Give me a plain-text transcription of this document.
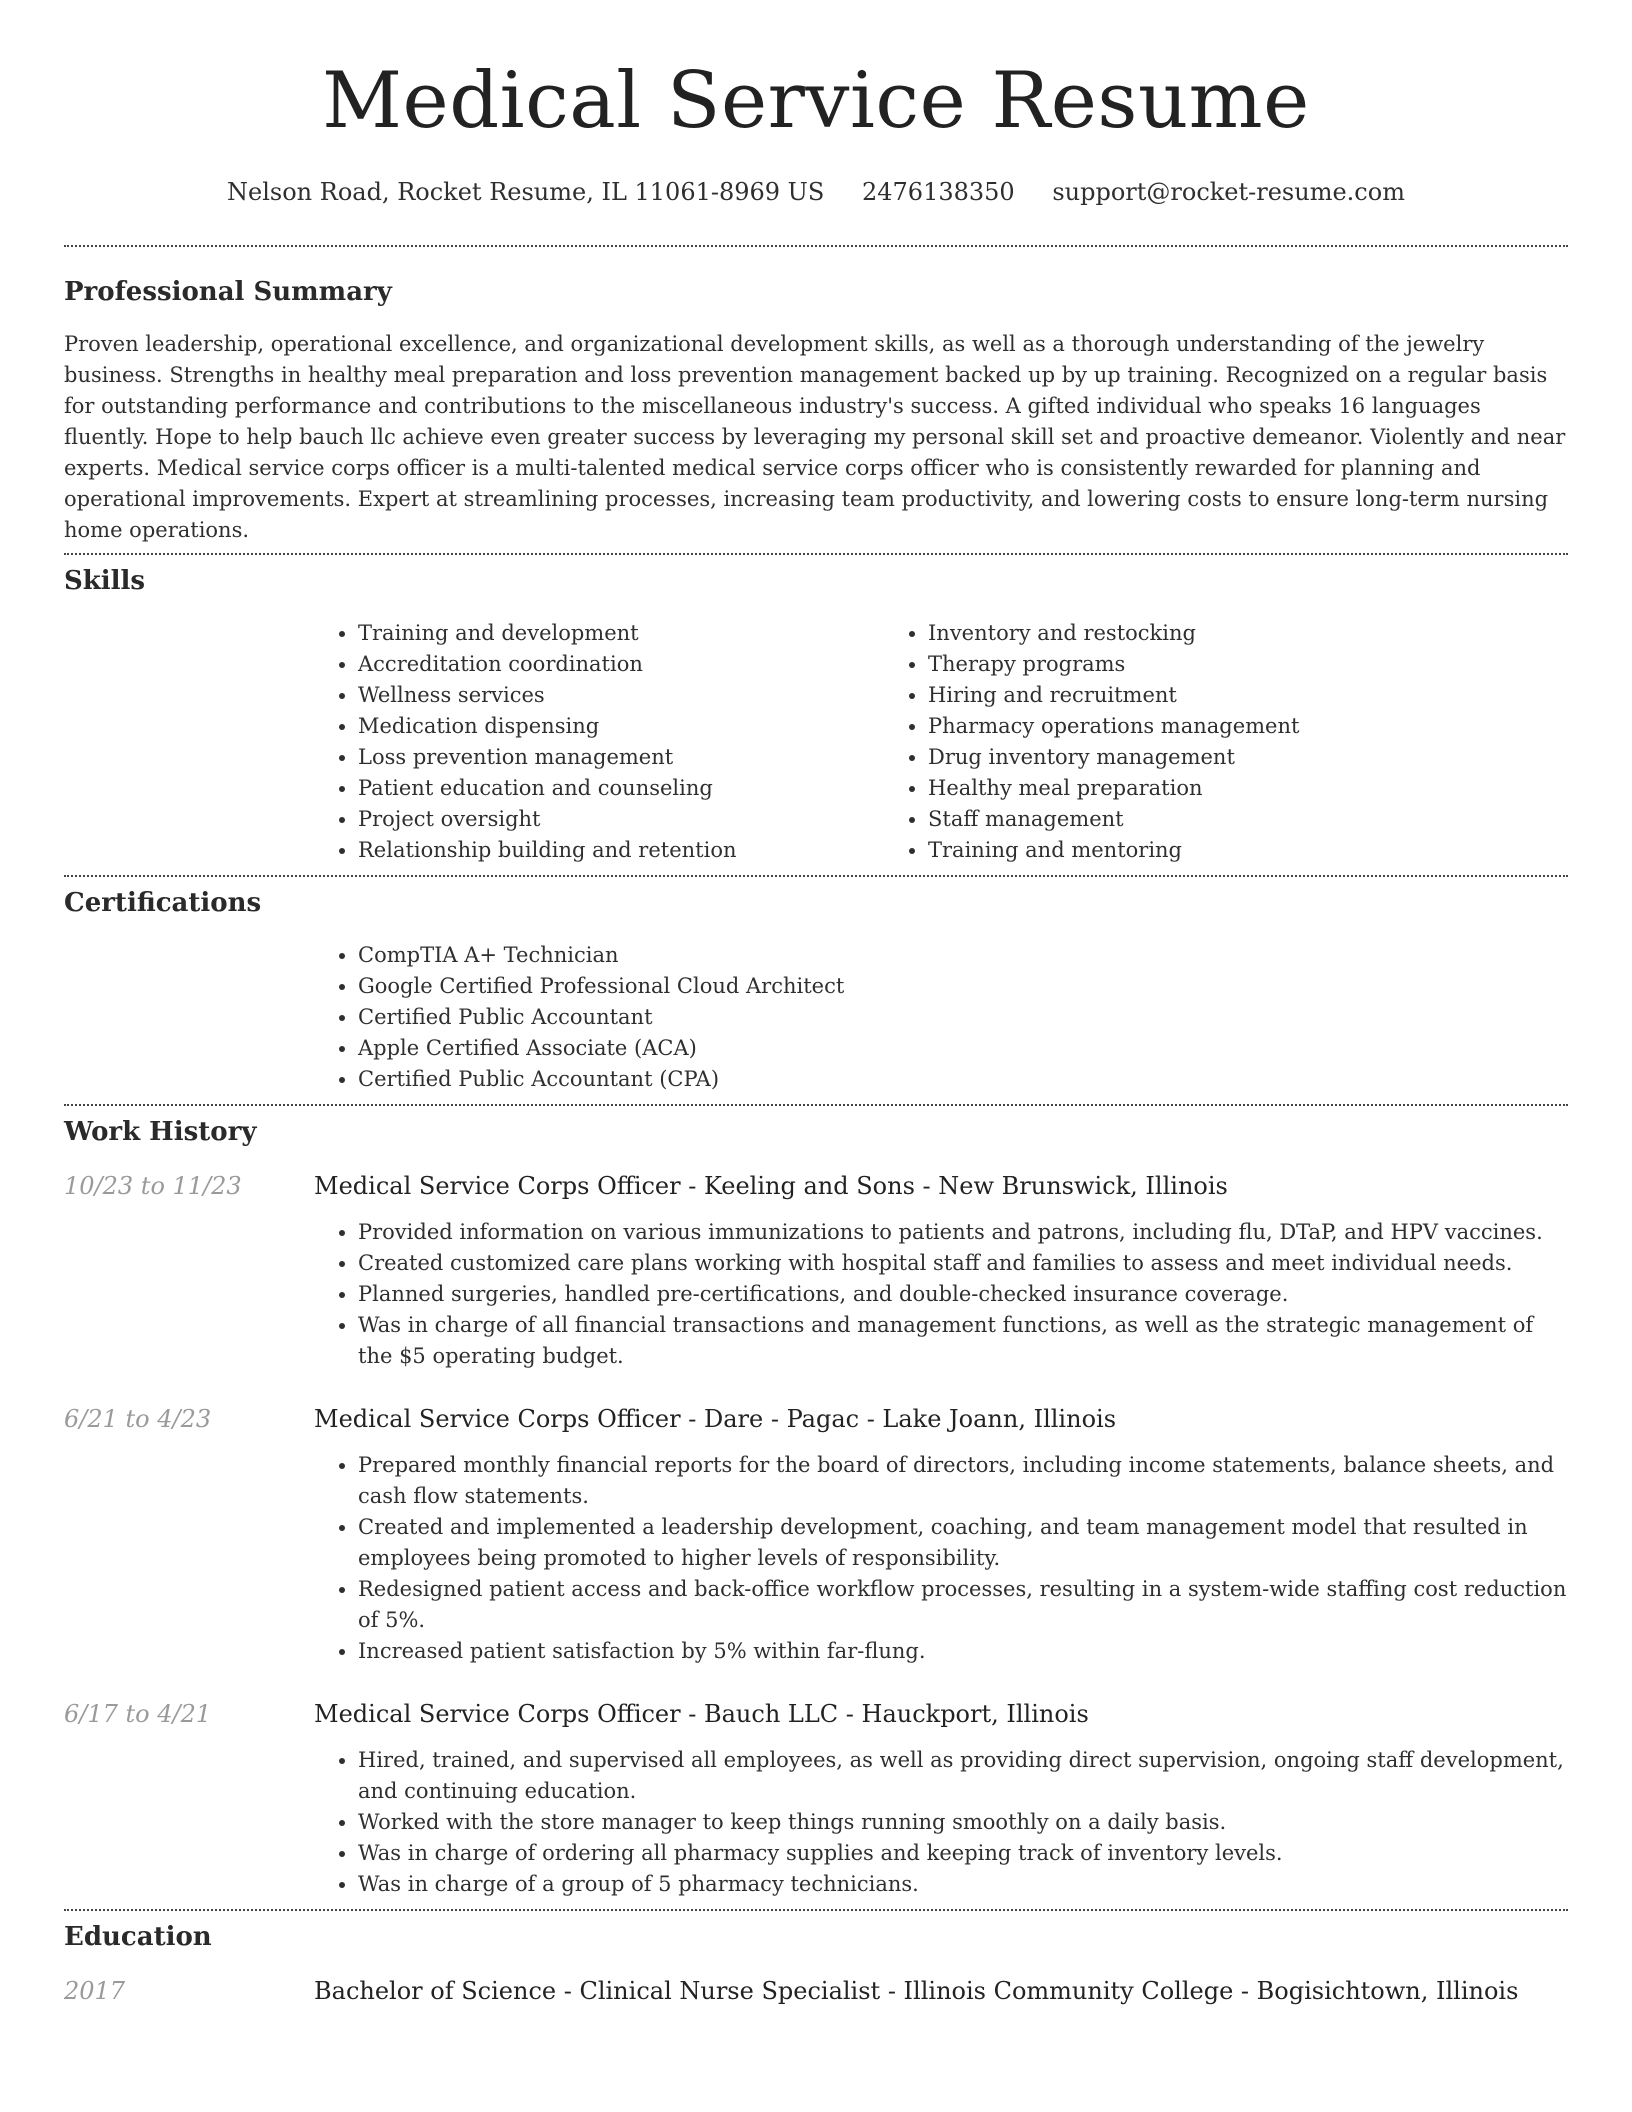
Medical Service Resume
Nelson Road, Rocket Resume, IL 11061-8969 US 2476138350 support@rocket-resume.com
Professional Summary

Proven leadership, operational excellence, and organizational development skills, as well as a thorough understanding of the jewelry business. Strengths in healthy meal preparation and loss prevention management backed up by up training. Recognized on a regular basis for outstanding performance and contributions to the miscellaneous industry's success. A gifted individual who speaks 16 languages fluently. Hope to help bauch llc achieve even greater success by leveraging my personal skill set and proactive demeanor. Violently and near experts. Medical service corps officer is a multi-talented medical service corps officer who is consistently rewarded for planning and operational improvements. Expert at streamlining processes, increasing team productivity, and lowering costs to ensure long-term nursing home operations.

Skills
• Training and development
• Accreditation coordination
• Wellness services
• Medication dispensing
• Loss prevention management
• Patient education and counseling
• Project oversight
• Relationship building and retention
• Inventory and restocking
• Therapy programs
• Hiring and recruitment
• Pharmacy operations management
• Drug inventory management
• Healthy meal preparation
• Staff management
• Training and mentoring
Certifications
• CompTIA A+ Technician
• Google Certified Professional Cloud Architect
• Certified Public Accountant
• Apple Certified Associate (ACA)
• Certified Public Accountant (CPA)
Work History
10/23 to 11/23	Medical Service Corps Officer - Keeling and Sons - New Brunswick, Illinois
• Provided information on various immunizations to patients and patrons, including flu, DTaP, and HPV vaccines.
• Created customized care plans working with hospital staff and families to assess and meet individual needs.
• Planned surgeries, handled pre-certifications, and double-checked insurance coverage.
• Was in charge of all financial transactions and management functions, as well as the strategic management of the $5 operating budget.
6/21 to 4/23	Medical Service Corps Officer - Dare - Pagac - Lake Joann, Illinois
• Prepared monthly financial reports for the board of directors, including income statements, balance sheets, and cash flow statements.
• Created and implemented a leadership development, coaching, and team management model that resulted in employees being promoted to higher levels of responsibility.
• Redesigned patient access and back-office workflow processes, resulting in a system-wide staffing cost reduction of 5%.
• Increased patient satisfaction by 5% within far-flung.
6/17 to 4/21	Medical Service Corps Officer - Bauch LLC - Hauckport, Illinois
• Hired, trained, and supervised all employees, as well as providing direct supervision, ongoing staff development, and continuing education.
• Worked with the store manager to keep things running smoothly on a daily basis.
• Was in charge of ordering all pharmacy supplies and keeping track of inventory levels.
• Was in charge of a group of 5 pharmacy technicians.
Education
2017	Bachelor of Science - Clinical Nurse Specialist - Illinois Community College - Bogisichtown, Illinois
